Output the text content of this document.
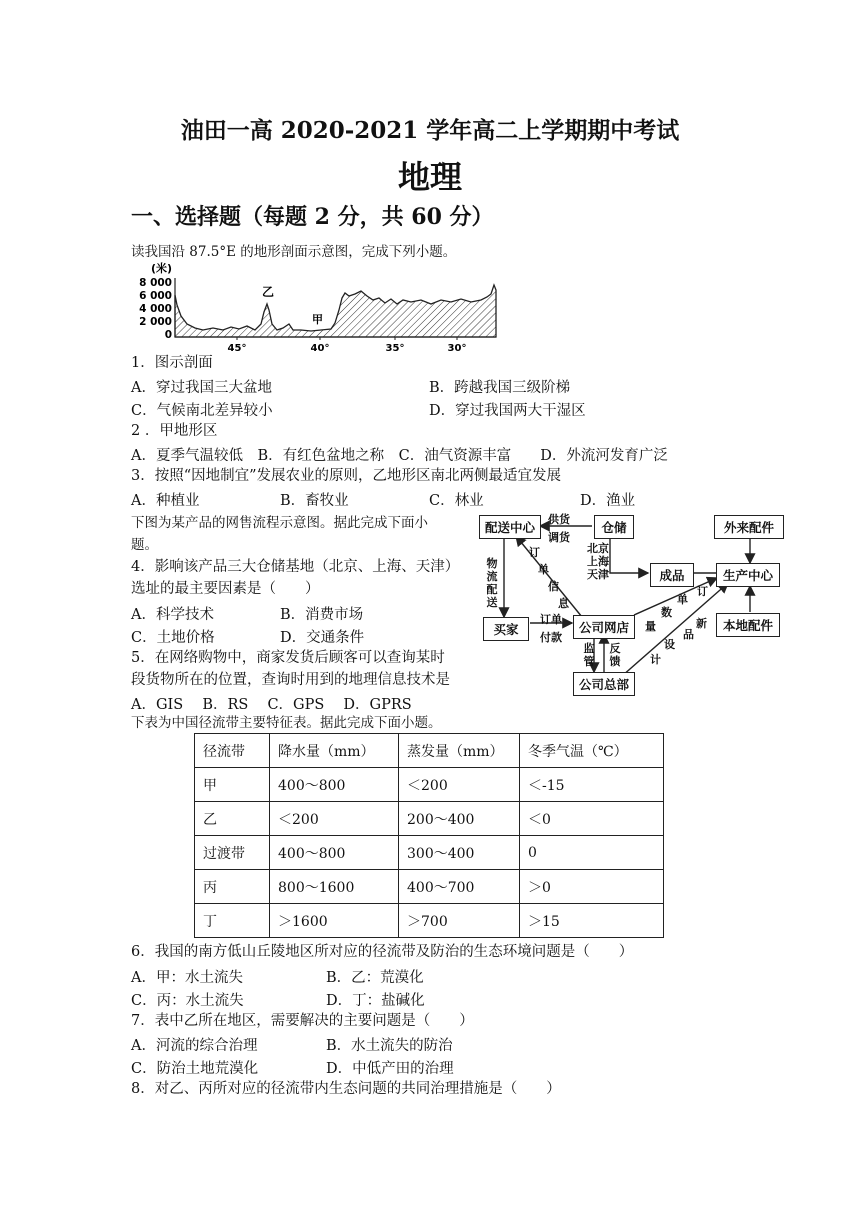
油田一高 2020-2021 学年高二上学期期中考试
地理
一、选择题（每题 2 分，共 60 分）
读我国沿 87.5°E 的地形剖面示意图，完成下列小题。
(米)
8 000
6 000
4 000
2 000
0
乙
甲
45°	40°	35°	30°
1．图示剖面
A．穿过我国三大盆地	B．跨越我国三级阶梯
C．气候南北差异较小	D．穿过我国两大干湿区
2 ．甲地形区
A．夏季气温较低　B．有红色盆地之称　C．油气资源丰富　　D．外流河发育广泛
3．按照“因地制宜”发展农业的原则，乙地形区南北两侧最适宜发展
A．种植业	B．畜牧业	C．林业	D．渔业
下图为某产品的网售流程示意图。据此完成下面小
题。
4．影响该产品三大仓储基地（北京、上海、天津）
选址的最主要因素是（　　）
A．科学技术	B．消费市场
C．土地价格	D．交通条件
5．在网络购物中，商家发货后顾客可以查询某时
段货物所在的位置，查询时用到的地理信息技术是
A．GIS　 B．RS　 C．GPS　 D．GPRS
配送中心	仓储	外来配件
成品	生产中心
本地配件
买家	公司网店
公司总部
供货
调货
北京
上海
天津
物流配送
订
单
信
息
订单
付款
量
数
单
订
计
设
品
新
监管
反馈
下表为中国径流带主要特征表。据此完成下面小题。
径流带	降水量（mm）	蒸发量（mm）	冬季气温（℃）
甲	400～800	＜200	＜-15
乙	＜200	200～400	＜0
过渡带	400～800	300～400	0
丙	800～1600	400～700	＞0
丁	＞1600	＞700	＞15
6．我国的南方低山丘陵地区所对应的径流带及防治的生态环境问题是（　　）
A．甲：水土流失	B．乙：荒漠化
C．丙：水土流失	D．丁：盐碱化
7．表中乙所在地区，需要解决的主要问题是（　　）
A．河流的综合治理	B．水土流失的防治
C．防治土地荒漠化	D．中低产田的治理
8．对乙、丙所对应的径流带内生态问题的共同治理措施是（　　）
